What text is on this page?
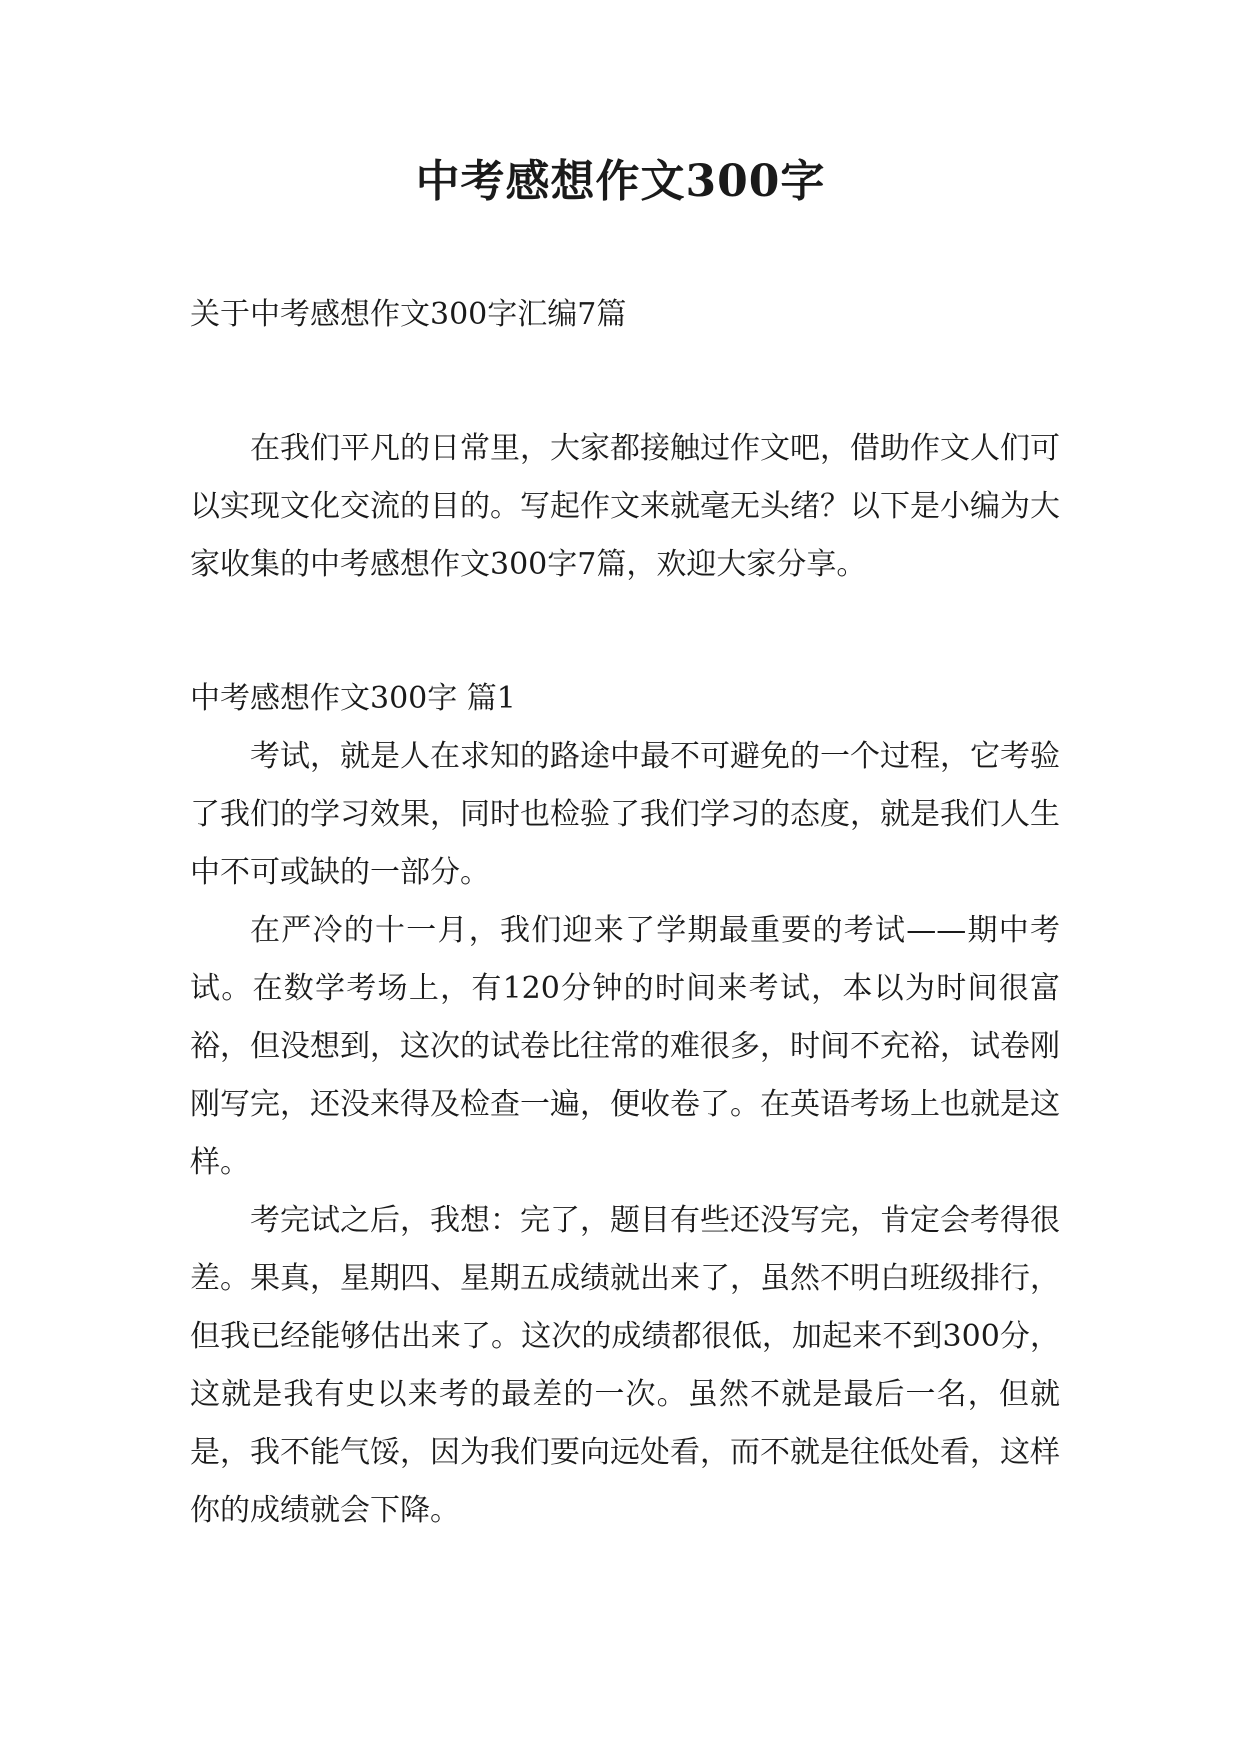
中考感想作文300字

关于中考感想作文300字汇编7篇

在我们平凡的日常里，大家都接触过作文吧，借助作文人们可以实现文化交流的目的。写起作文来就毫无头绪？以下是小编为大家收集的中考感想作文300字7篇，欢迎大家分享。

中考感想作文300字 篇1

考试，就是人在求知的路途中最不可避免的一个过程，它考验了我们的学习效果，同时也检验了我们学习的态度，就是我们人生中不可或缺的一部分。

在严冷的十一月，我们迎来了学期最重要的考试——期中考试。在数学考场上，有120分钟的时间来考试，本以为时间很富裕，但没想到，这次的试卷比往常的难很多，时间不充裕，试卷刚刚写完，还没来得及检查一遍，便收卷了。在英语考场上也就是这样。

考完试之后，我想：完了，题目有些还没写完，肯定会考得很差。果真，星期四、星期五成绩就出来了，虽然不明白班级排行，但我已经能够估出来了。这次的成绩都很低，加起来不到300分，这就是我有史以来考的最差的一次。虽然不就是最后一名，但就是，我不能气馁，因为我们要向远处看，而不就是往低处看，这样你的成绩就会下降。
